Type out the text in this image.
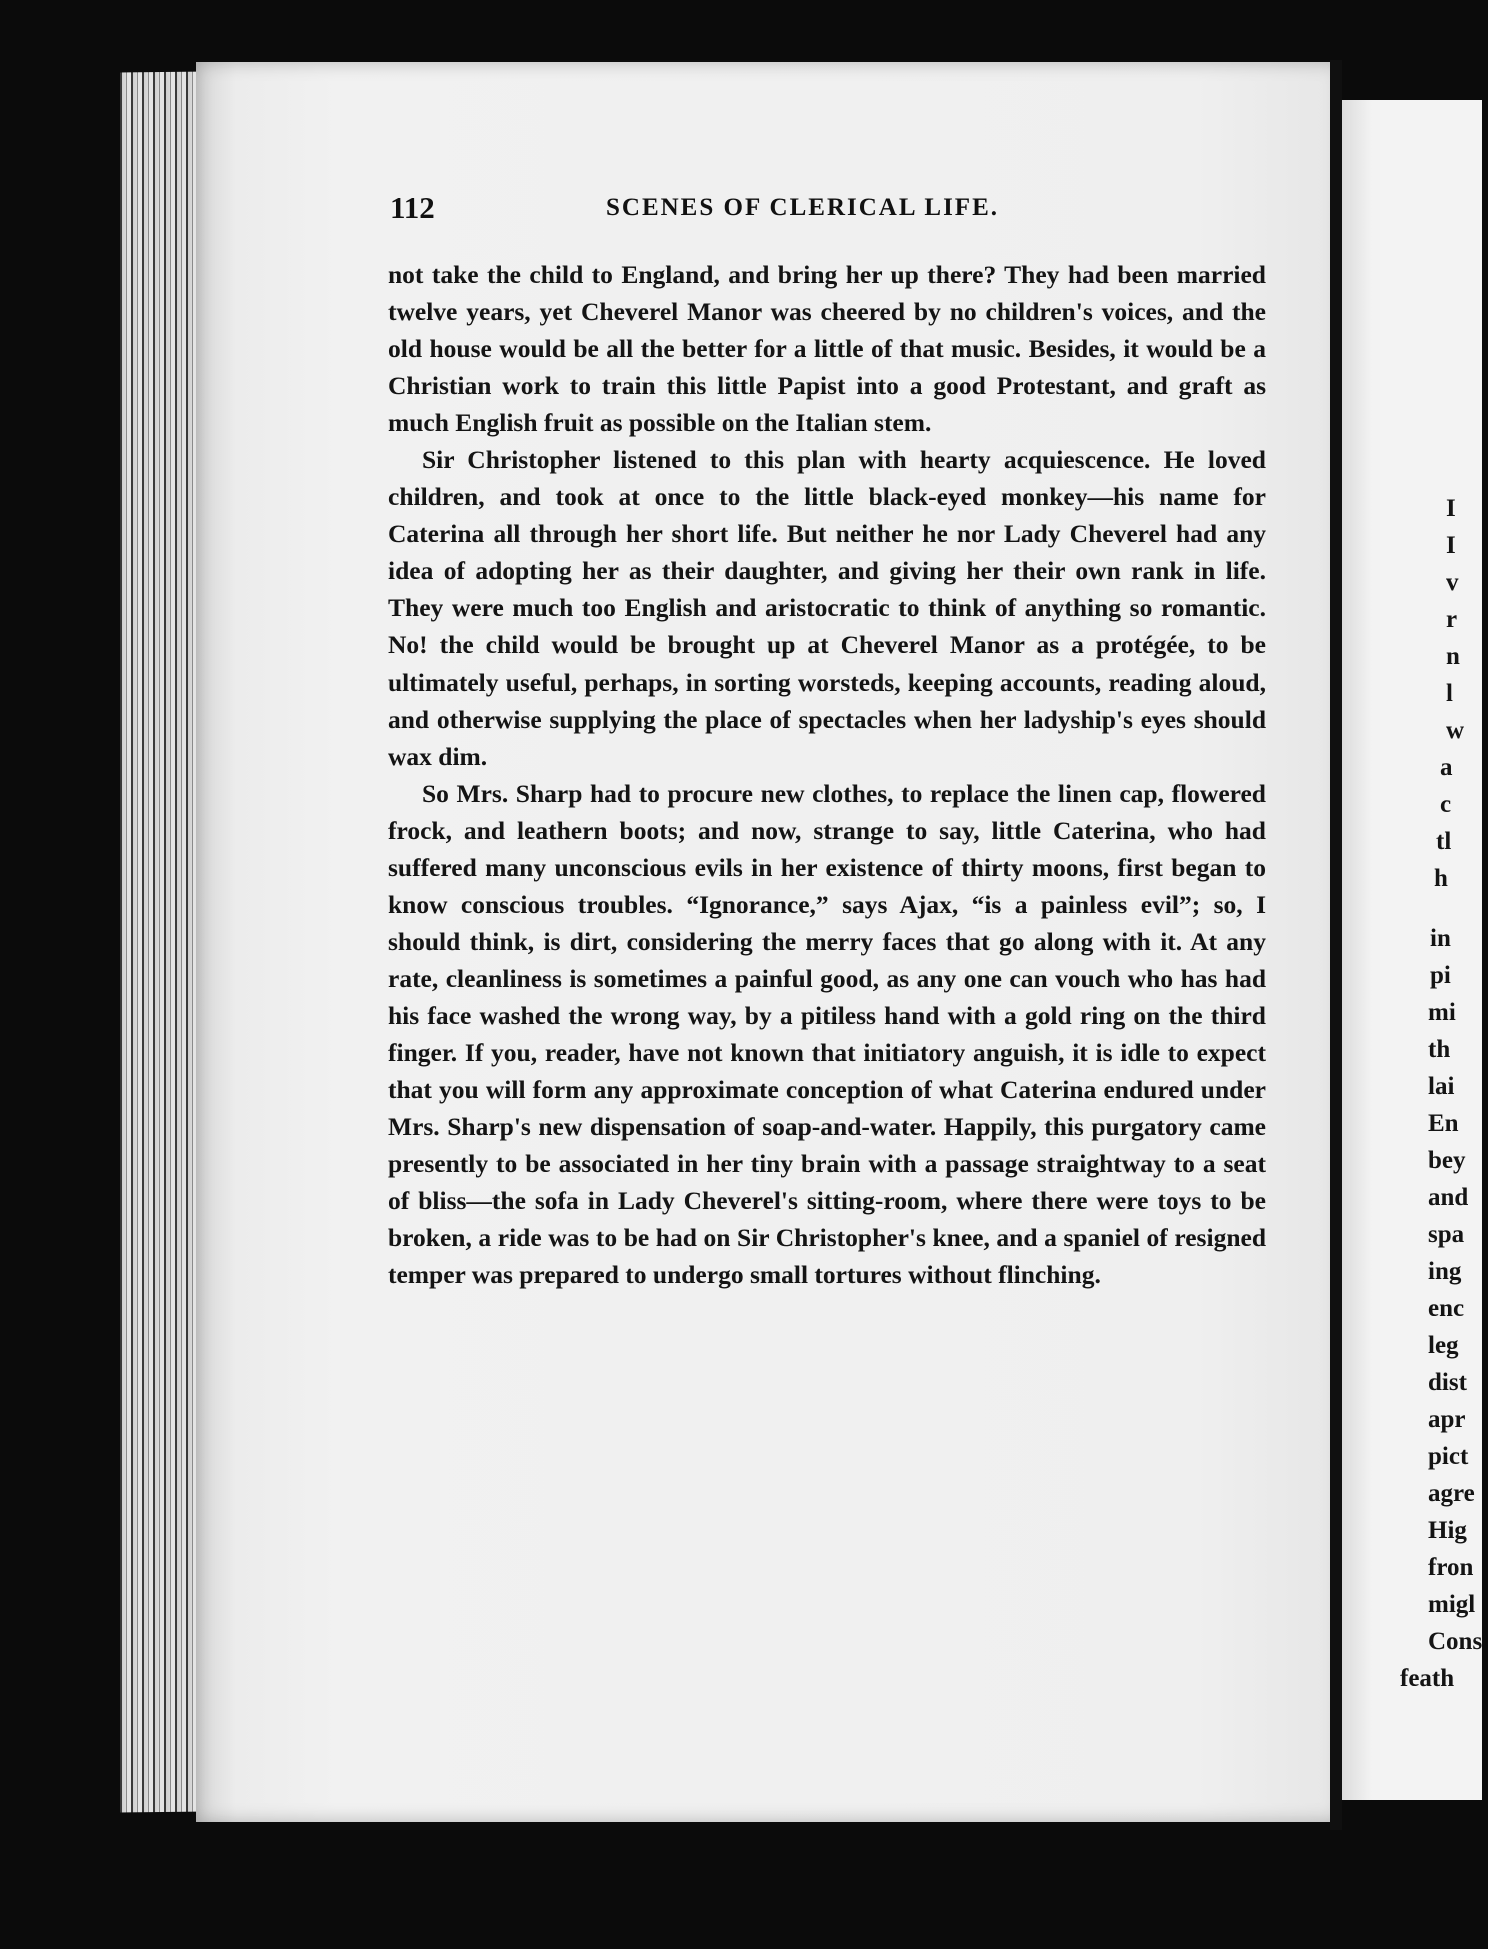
112	SCENES OF CLERICAL LIFE.

not take the child to England, and bring her up there? They had been married twelve years, yet Cheverel Manor was cheered by no children's voices, and the old house would be all the better for a little of that music. Besides, it would be a Christian work to train this little Papist into a good Protestant, and graft as much English fruit as possible on the Italian stem.

Sir Christopher listened to this plan with hearty acquiescence. He loved children, and took at once to the little black-eyed monkey—his name for Caterina all through her short life. But neither he nor Lady Cheverel had any idea of adopting her as their daughter, and giving her their own rank in life. They were much too English and aristocratic to think of anything so romantic. No! the child would be brought up at Cheverel Manor as a protégée, to be ultimately useful, perhaps, in sorting worsteds, keeping accounts, reading aloud, and otherwise supplying the place of spectacles when her ladyship's eyes should wax dim.

So Mrs. Sharp had to procure new clothes, to replace the linen cap, flowered frock, and leathern boots; and now, strange to say, little Caterina, who had suffered many unconscious evils in her existence of thirty moons, first began to know conscious troubles. “Ignorance,” says Ajax, “is a painless evil”; so, I should think, is dirt, considering the merry faces that go along with it. At any rate, cleanliness is sometimes a painful good, as any one can vouch who has had his face washed the wrong way, by a pitiless hand with a gold ring on the third finger. If you, reader, have not known that initiatory anguish, it is idle to expect that you will form any approximate conception of what Caterina endured under Mrs. Sharp's new dispensation of soap-and-water. Happily, this purgatory came presently to be associated in her tiny brain with a passage straightway to a seat of bliss—the sofa in Lady Cheverel's sitting-room, where there were toys to be broken, a ride was to be had on Sir Christopher's knee, and a spaniel of resigned temper was prepared to undergo small tortures without flinching.

I
I
v
r
n
l
w
a
c
tl
h
in
pi
mi
th
lai
En
bey
and
spa
ing
enc
leg
dist
apr
pict
agre
Hig
fron
migl
Cons
feath
